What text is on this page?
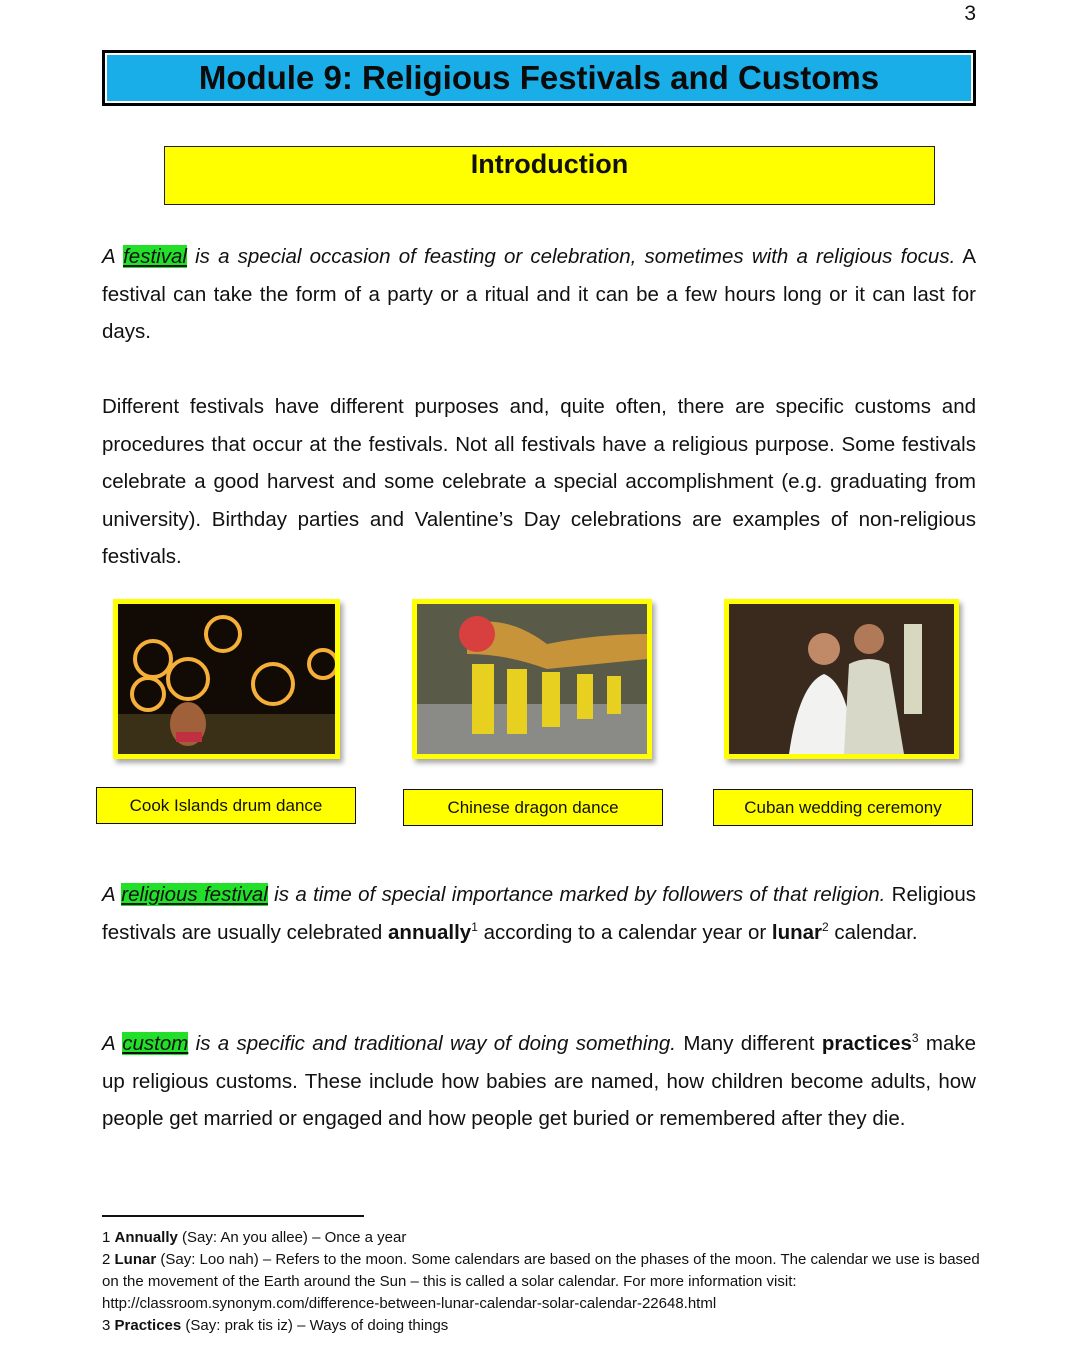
3
Module 9: Religious Festivals and Customs
Introduction
A festival is a special occasion of feasting or celebration, sometimes with a religious focus. A festival can take the form of a party or a ritual and it can be a few hours long or it can last for days.
Different festivals have different purposes and, quite often, there are specific customs and procedures that occur at the festivals. Not all festivals have a religious purpose. Some festivals celebrate a good harvest and some celebrate a special accomplishment (e.g. graduating from university). Birthday parties and Valentine’s Day celebrations are examples of non-religious festivals.
Cook Islands drum dance	Chinese dragon dance	Cuban wedding ceremony
A religious festival is a time of special importance marked by followers of that religion. Religious festivals are usually celebrated annually$^1$ according to a calendar year or lunar$^2$ calendar.
A custom is a specific and traditional way of doing something. Many different practices$^3$ make up religious customs. These include how babies are named, how children become adults, how people get married or engaged and how people get buried or remembered after they die.
1 Annually (Say: An you allee) – Once a year
2 Lunar (Say: Loo nah) – Refers to the moon. Some calendars are based on the phases of the moon. The calendar we use is based on the movement of the Earth around the Sun – this is called a solar calendar. For more information visit: http://classroom.synonym.com/difference-between-lunar-calendar-solar-calendar-22648.html
3 Practices (Say: prak tis iz) – Ways of doing things
